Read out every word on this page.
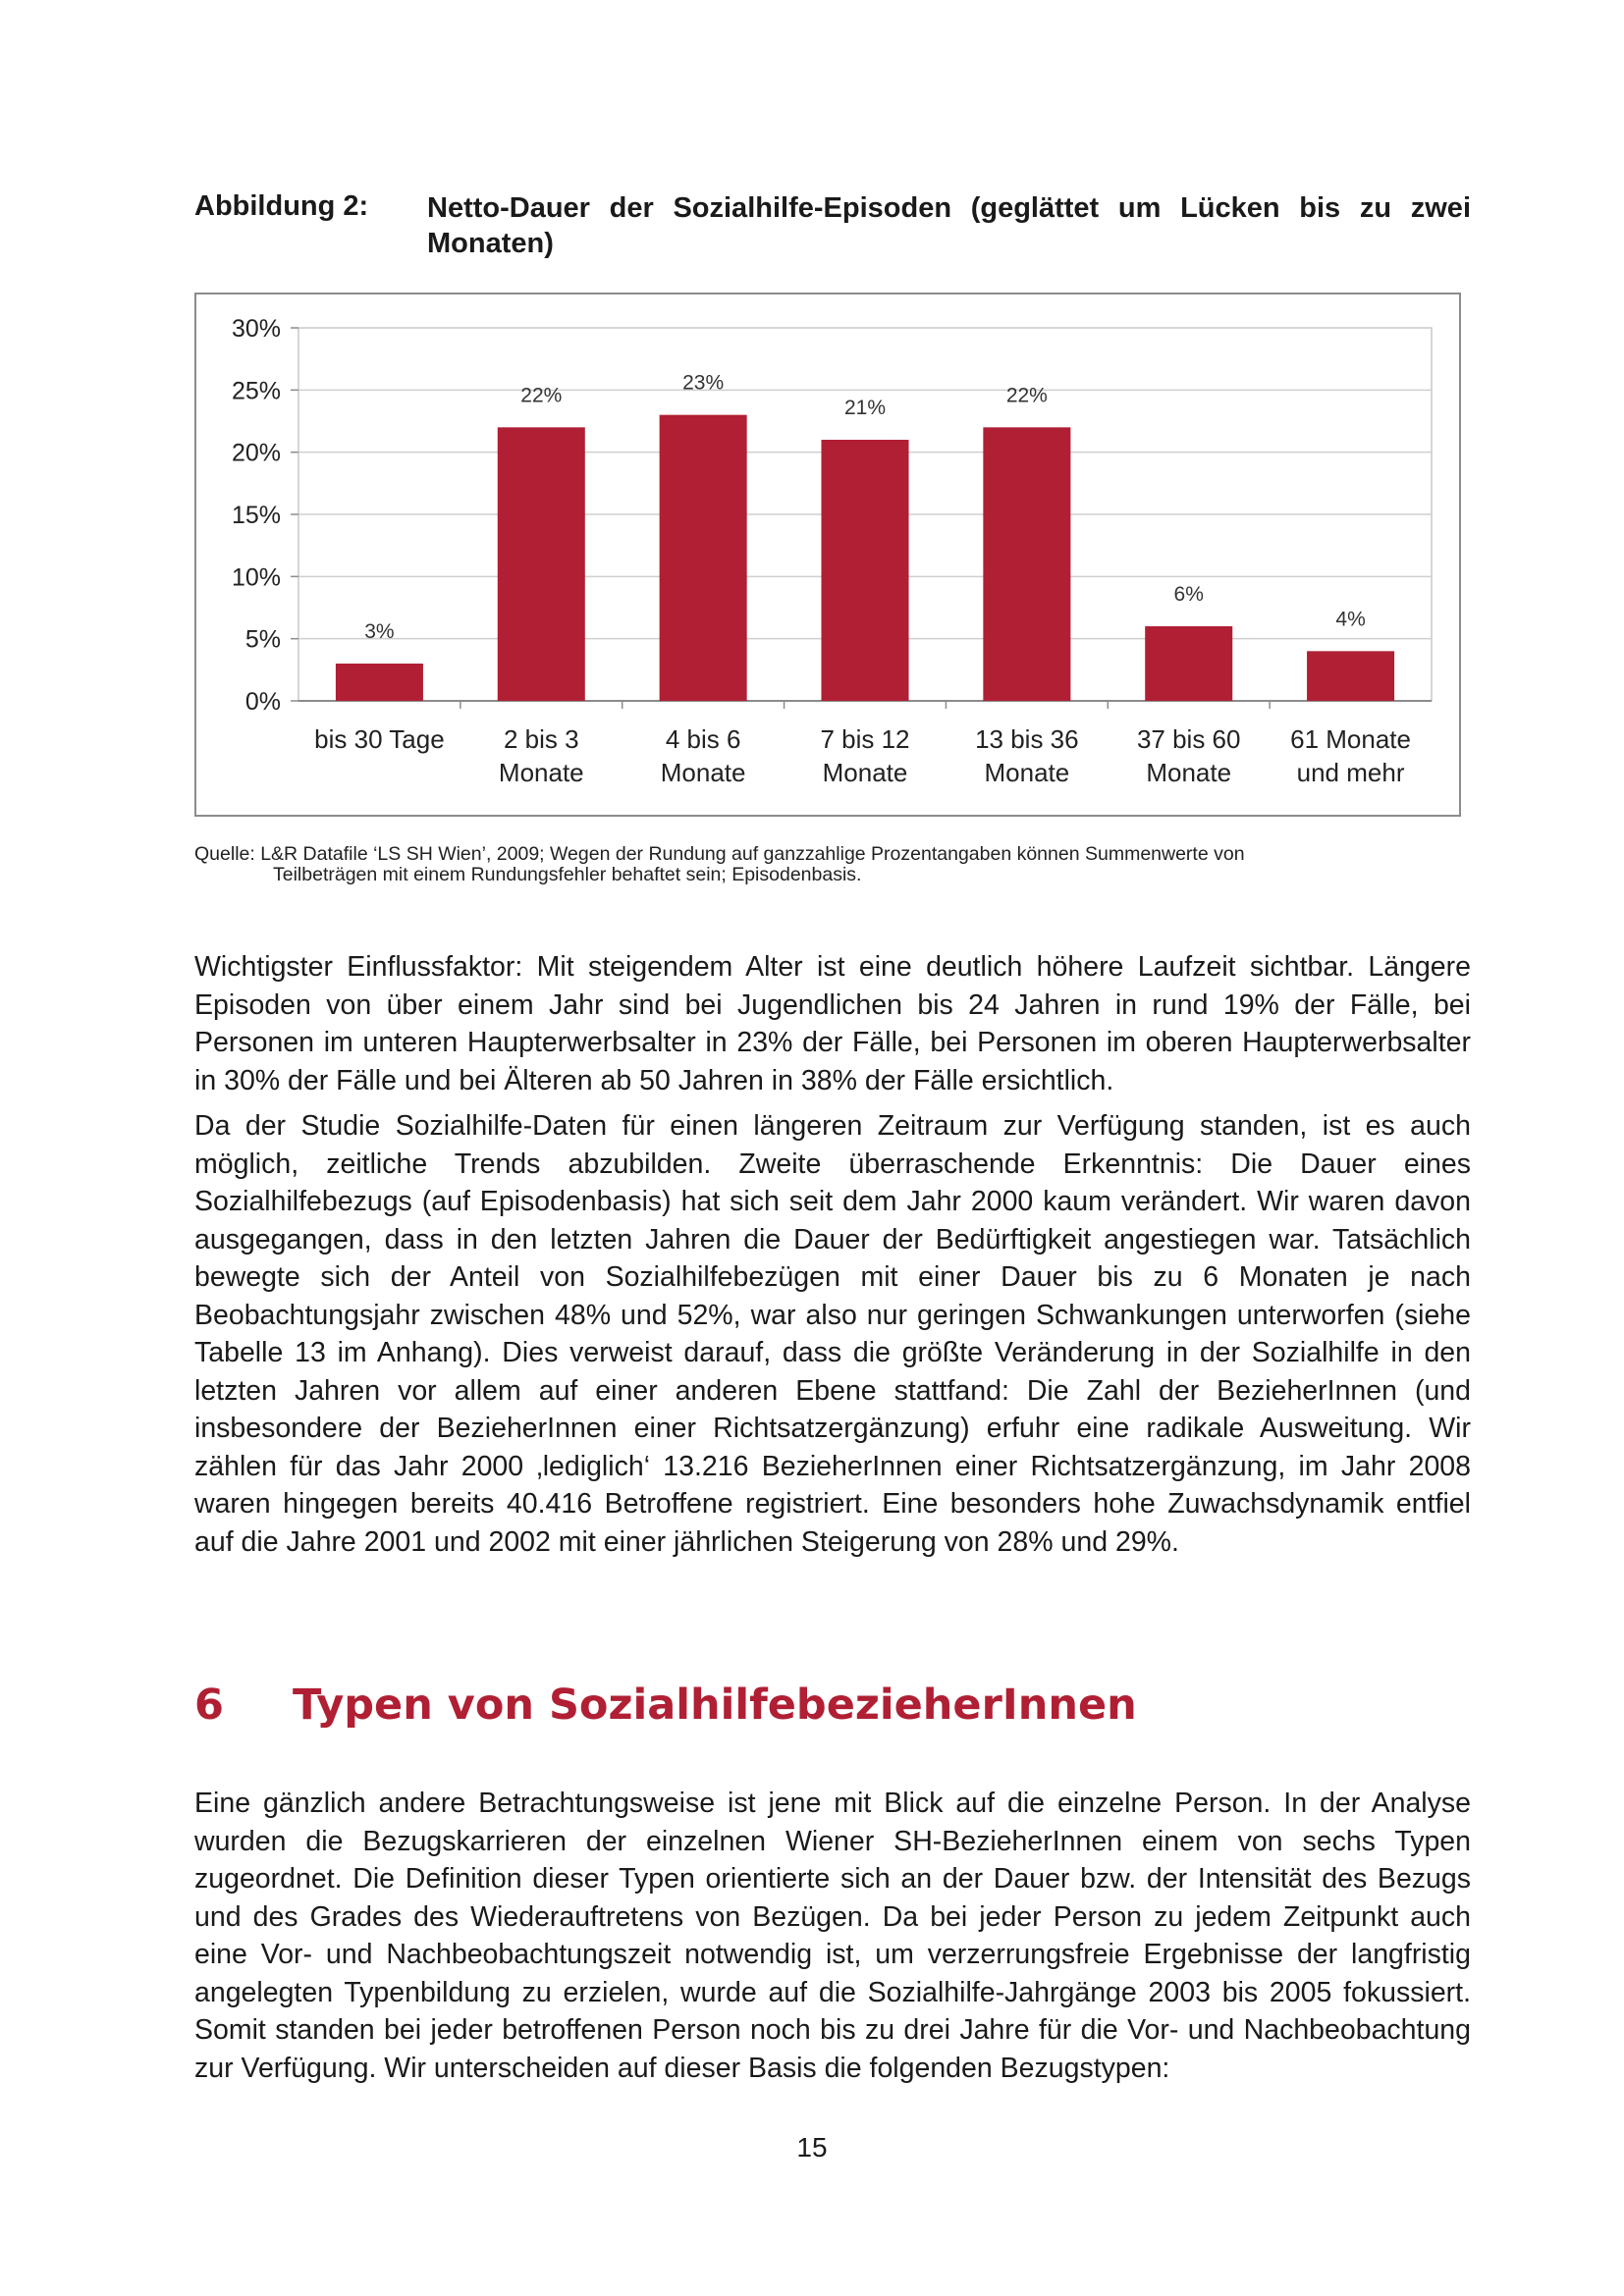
Abbildung 2: Netto-Dauer der Sozialhilfe-Episoden (geglättet um Lücken bis zu zwei Monaten)
0%
5%
10%
15%
20%
25%
30%
3%
bis 30 Tage
22%
2 bis 3
Monate
23%
4 bis 6
Monate
21%
7 bis 12
Monate
22%
13 bis 36
Monate
6%
37 bis 60
Monate
4%
61 Monate
und mehr
Quelle: L&R Datafile ‘LS SH Wien’, 2009; Wegen der Rundung auf ganzzahlige Prozentangaben können Summenwerte von
Teilbeträgen mit einem Rundungsfehler behaftet sein; Episodenbasis.

Wichtigster Einflussfaktor: Mit steigendem Alter ist eine deutlich höhere Laufzeit sichtbar. Längere Episoden von über einem Jahr sind bei Jugendlichen bis 24 Jahren in rund 19% der Fälle, bei Personen im unteren Haupterwerbsalter in 23% der Fälle, bei Personen im oberen Haupterwerbsalter in 30% der Fälle und bei Älteren ab 50 Jahren in 38% der Fälle ersichtlich.

Da der Studie Sozialhilfe-Daten für einen längeren Zeitraum zur Verfügung standen, ist es auch möglich, zeitliche Trends abzubilden. Zweite überraschende Erkenntnis: Die Dauer eines Sozialhilfebezugs (auf Episodenbasis) hat sich seit dem Jahr 2000 kaum verändert. Wir waren davon ausgegangen, dass in den letzten Jahren die Dauer der Bedürftigkeit angestiegen war. Tatsächlich bewegte sich der Anteil von Sozialhilfebezügen mit einer Dauer bis zu 6 Monaten je nach Beobachtungsjahr zwischen 48% und 52%, war also nur geringen Schwankungen unterworfen (siehe Tabelle 13 im Anhang). Dies verweist darauf, dass die größte Veränderung in der Sozialhilfe in den letzten Jahren vor allem auf einer anderen Ebene stattfand: Die Zahl der BezieherInnen (und insbesondere der BezieherInnen einer Richtsatzergänzung) erfuhr eine radikale Ausweitung. Wir zählen für das Jahr 2000 ‚lediglich‘ 13.216 BezieherInnen einer Richtsatzergänzung, im Jahr 2008 waren hingegen bereits 40.416 Betroffene registriert. Eine besonders hohe Zuwachsdynamik entfiel auf die Jahre 2001 und 2002 mit einer jährlichen Steigerung von 28% und 29%.

6 Typen von SozialhilfebezieherInnen

Eine gänzlich andere Betrachtungsweise ist jene mit Blick auf die einzelne Person. In der Analyse wurden die Bezugskarrieren der einzelnen Wiener SH-BezieherInnen einem von sechs Typen zugeordnet. Die Definition dieser Typen orientierte sich an der Dauer bzw. der Intensität des Bezugs und des Grades des Wiederauftretens von Bezügen. Da bei jeder Person zu jedem Zeitpunkt auch eine Vor- und Nachbeobachtungszeit notwendig ist, um verzerrungsfreie Ergebnisse der langfristig angelegten Typenbildung zu erzielen, wurde auf die Sozialhilfe-Jahrgänge 2003 bis 2005 fokussiert. Somit standen bei jeder betroffenen Person noch bis zu drei Jahre für die Vor- und Nachbeobachtung zur Verfügung. Wir unterscheiden auf dieser Basis die folgenden Bezugstypen:

15
